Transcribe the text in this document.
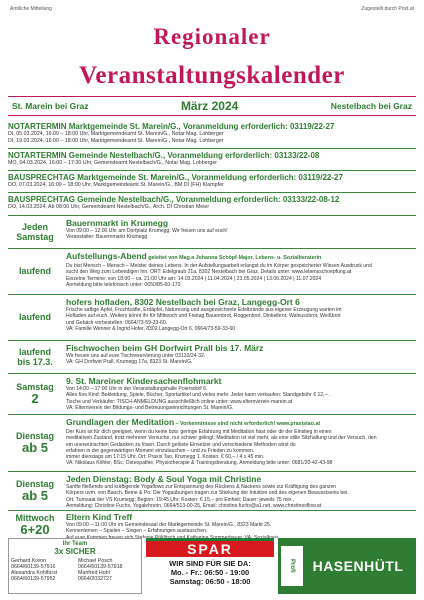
Amtliche Mitteilung	Zugestellt durch Post.at
Regionaler
Veranstaltungskalender
St. Marein bei Graz	März 2024	Nestelbach bei Graz
NOTARTERMIN Marktgemeinde St. Marein/G., Voranmeldung erforderlich: 03119/22-27
DI, 05.03.2024, 16:00 – 18:00 Uhr, Marktgemeindeamt St. Marein/G., Notar Mag. Lohberger
DI, 19.03.2024, 16:00 – 18:00 Uhr, Marktgemeindeamt St. Marein/G., Notar Mag. Lohberger
NOTARTERMIN Gemeinde Nestelbach/G., Voranmeldung erforderlich: 03133/22-08
MO, 04.03.2024, 16:00 – 17:30 Uhr, Gemeindeamt Nestelbach/G., Notar Mag. Lohberger
BAUSPRECHTAG Marktgemeinde St. Marein/G., Voranmeldung erforderlich: 03119/22-27
DO, 07.03.2024, 16:00 – 18:00 Uhr, Marktgemeindeamt St. Marein/G., BM DI (FH) Klampfer
BAUSPRECHTAG Gemeinde Nestelbach/G., Voranmeldung erforderlich: 03133/22-08-12
DO, 14.03.2024, Ab 08:00 Uhr, Gemeindeamt Nestelbach/G., Arch. DI Christian Meier
Jeden
Samstag
Bauernmarkt in Krumegg
Von 09:00 – 12:00 Uhr am Dorfplatz Krumegg. Wir freuen uns auf euch!
Veranstalter: Bauernmarkt Krumegg
laufend
Aufstellungs-Abend geleitet von Mag.a Johanna Schöpf-Major, Lebens- u. Sozialberaterin
Du bist Mensch – Mensch – Meister deines Lebens. In der Aufstellungsarbeit erlangst du im Körper gespeicherter Wissen Ausdruck und
sucht den Weg zum Lebendigen hin. ORT: Edelgraub 21a, 8302 Nestelbach bei Graz. Details unter: www.lebensschoepfung.at
Einzelne Termine: von 18:00 – ca. 21:00 Uhr am: 14.03.2024 | 11.04.2024 | 23.05.2024 | 13.06.2024 | 11.07.2024
Anmeldung bitte telefonisch unter: 0650/85-60-170
laufend
hofers hofladen, 8302 Nestelbach bei Graz, Langegg-Ort 6
Frische saftige Äpfel, Fruchtsäfte, Erdäpfel, Naturessig und ausgezeichnete Edelbrände aus eigener Erzeugung warten im
Hofladen auf euch. Weiters könnt ihr für Mittwoch und Freitag Bauernbrot, Roggenbrot, Dinkelbrot, Walnussbrot, Weißbrot
und Gebäck vorbestellen: 0664/73-59-33-60.
VA: Familie Wenner & Ingrid Hofer, 8302 Langegg-Ort 6, 0664/73-59-33-60
laufend
bis 17.3.
Fischwochen beim GH Dorfwirt Prall bis 17. März
Wir freuen uns auf eure Tischreservierung unter 03133/24-32.
VA: GH Dorfwirt Prall, Krumegg 17a, 8323 St. Marein/G.
Samstag
2
9. St. Mareiner Kindersachenflohmarkt
Von 14:00 – 17:00 Uhr in der Veranstaltungshalle Poiersdorf 6.
Alles fürs Kind: Bekleidung, Spiele, Bücher, Sportartikel und vieles mehr. Jeder kann verkaufen: Standgebühr € 12,– .
Tische und Verkäufer: TISCH-ANMELDUNG ausschließlich online unter: www.elternverein-marein.at
VA: Elternverein der Bildungs- und Betreuungseinrichtungen St. Marein/G.
Dienstag
ab 5
Grundlagen der Meditation – Vorkenntnisse sind nicht erforderlich! www.praxistao.at
Der Kurs ist für dich geeignet, wenn du keine bzw. geringe Erfahrung mit Meditation hast oder dir der Einstieg in einen
meditativen Zustand, trotz mehrerer Versuche, nur schwer gelingt. Meditation ist viel mehr, als eine stille Sitzhaltung und der Versuch, den
ein unerwünschten Gedanken zu lösen. Durch gelöste Einsetzer und verschiedene Methoden wirst du
erfahren in der gegenwärtigen Moment einzutauchen – und zu Frieden zu kommen.
immer dienstags um 17:15 Uhr. Ort: Praxis Tao, Krumegg 1. Kosten: € 60,– / 4 x 45 min.
VA: Nikolaus Köhler, BSc, Osteopathie, Physiotherapie & Trainingsberatung, Anmeldung bitte unter: 0681/20-42-43-98
Dienstag
ab 5
Jeden Dienstag: Body & Soul Yoga mit Christine
Sanfte fließende und kräftigende Yogaflows zur Entspannung des Rückens & Nackens sowie zur Kräftigung des ganzen
Körpers uvm. von Bauch, Beine & Po. Die Yogaübungen tragen zur Stärkung der Intuition und des eigenen Bewusstseins bei.
Ort: Turnsaal der VS Krumegg; Beginn: 19:45 Uhr; Kosten: € 15,– pro Einheit; Dauer: jeweils 75 min.,
Anmeldung: Christine Fuchs, Yogalehrerin, 0664/513-00-25, Email: christine.fuchs@a1.net, www.christinesflow.at
Mittwoch
6+20
Eltern Kind Treff
Von 09:00 – 11:00 Uhr im Gemeindesaal der Marktgemeinde St. Marein/G., 8323 Markt 25.
Kennenlernen – Spielen – Singen – Erfahrungen austauschen.
Auf euer Kommen freuen sich Stefanie Pöltlitsch und Katharina Sommerbauer. VA: Sozialkreis
Ihr Team
3x SICHER
Gerhard Krenn	Michael Posch
0664/60139-57916	0664/60139-57918
Alexandra Kohlfürst	Manfred Hohl
0664/60139-57952	0664/2032727
SPAR
WIR SIND FÜR SIE DA:
Mo. - Fr.: 06:50 - 19:00
Samstag: 06:50 - 18:00
Profi	HASENHÜTL
